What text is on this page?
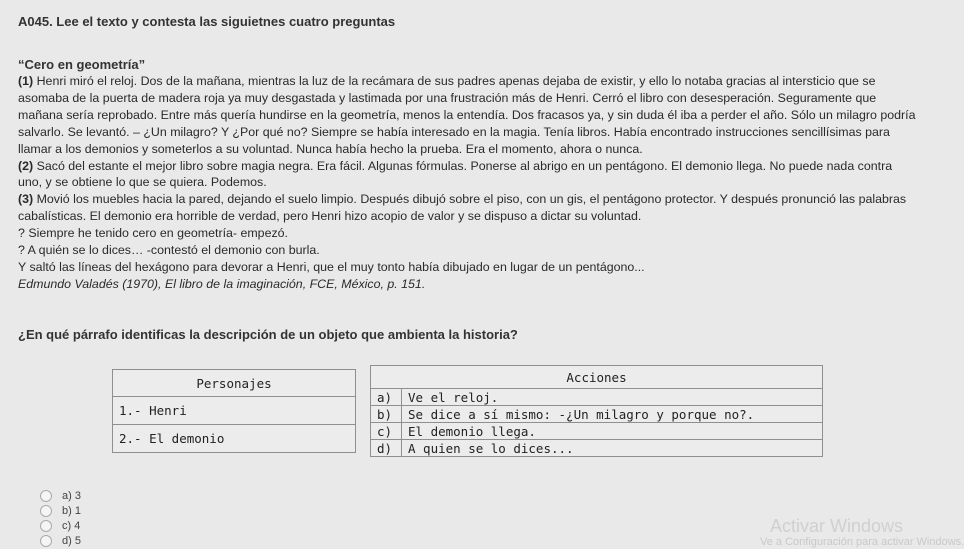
A045. Lee el texto y contesta las siguietnes cuatro preguntas
“Cero en geometría”

(1) Henri miró el reloj. Dos de la mañana, mientras la luz de la recámara de sus padres apenas dejaba de existir, y ello lo notaba gracias al intersticio que se asomaba de la puerta de madera roja ya muy desgastada y lastimada por una frustración más de Henri. Cerró el libro con desesperación. Seguramente que mañana sería reprobado. Entre más quería hundirse en la geometría, menos la entendía. Dos fracasos ya, y sin duda él iba a perder el año. Sólo un milagro podría salvarlo. Se levantó. – ¿Un milagro? Y ¿Por qué no? Siempre se había interesado en la magia. Tenía libros. Había encontrado instrucciones sencillísimas para llamar a los demonios y someterlos a su voluntad. Nunca había hecho la prueba. Era el momento, ahora o nunca.

(2) Sacó del estante el mejor libro sobre magia negra. Era fácil. Algunas fórmulas. Ponerse al abrigo en un pentágono. El demonio llega. No puede nada contra uno, y se obtiene lo que se quiera. Podemos.

(3) Movió los muebles hacia la pared, dejando el suelo limpio. Después dibujó sobre el piso, con un gis, el pentágono protector. Y después pronunció las palabras cabalísticas. El demonio era horrible de verdad, pero Henri hizo acopio de valor y se dispuso a dictar su voluntad.

? Siempre he tenido cero en geometría- empezó.

? A quién se lo dices… -contestó el demonio con burla.

Y saltó las líneas del hexágono para devorar a Henri, que el muy tonto había dibujado en lugar de un pentágono...

Edmundo Valadés (1970), El libro de la imaginación, FCE, México, p. 151.

¿En qué párrafo identificas la descripción de un objeto que ambienta la historia?
Personajes
1.- Henri
2.- El demonio
Acciones	
a)	Ve el reloj.
b)	Se dice a sí mismo: -¿Un milagro y porque no?.
c)	El demonio llega.
d)	A quien se lo dices...
a) 3
b) 1
c) 4
d) 5
Activar Windows
Ve a Configuración para activar Windows.
